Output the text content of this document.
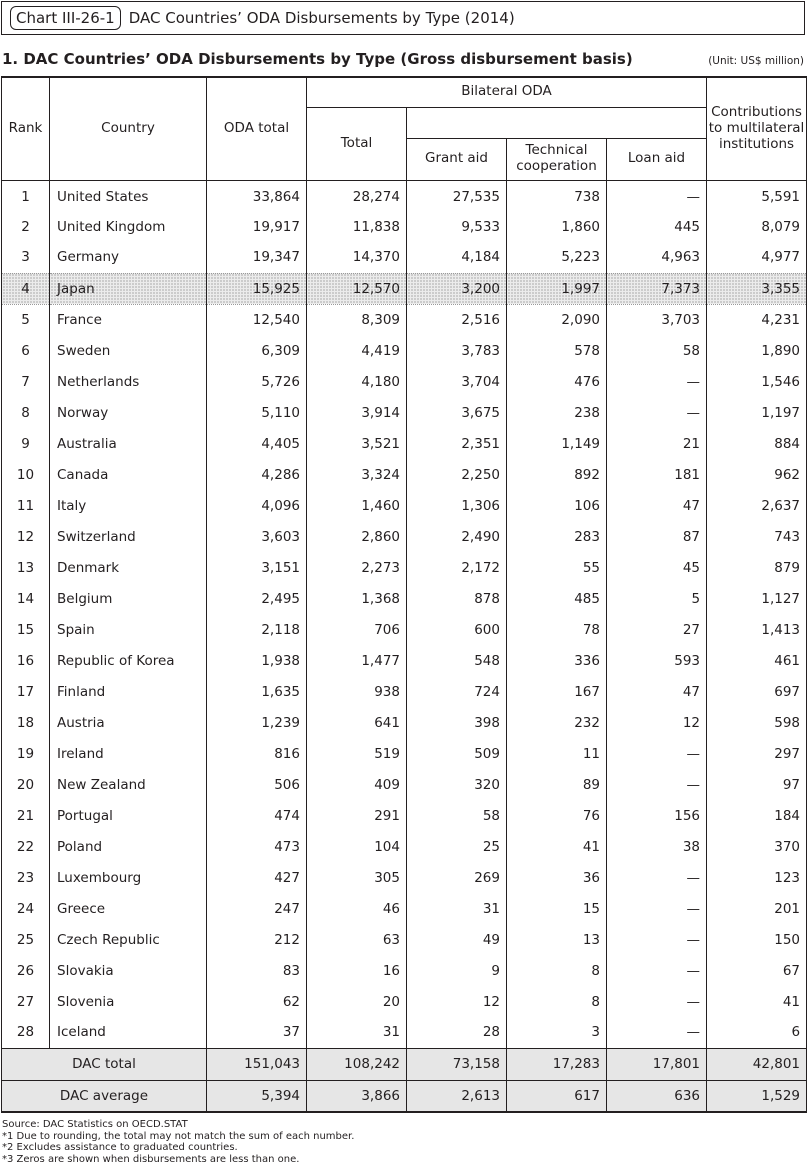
Chart III-26-1 DAC Countries’ ODA Disbursements by Type (2014)
1. DAC Countries’ ODA Disbursements by Type (Gross disbursement basis)	(Unit: US$ million)
Rank	Country	ODA total	Bilateral ODA				Contributions to multilateral institutions
			Total				
				Grant aid	Technical cooperation	Loan aid	
1	United States	33,864	28,274	27,535	738	—	5,591
2	United Kingdom	19,917	11,838	9,533	1,860	445	8,079
3	Germany	19,347	14,370	4,184	5,223	4,963	4,977
4	Japan	15,925	12,570	3,200	1,997	7,373	3,355
5	France	12,540	8,309	2,516	2,090	3,703	4,231
6	Sweden	6,309	4,419	3,783	578	58	1,890
7	Netherlands	5,726	4,180	3,704	476	—	1,546
8	Norway	5,110	3,914	3,675	238	—	1,197
9	Australia	4,405	3,521	2,351	1,149	21	884
10	Canada	4,286	3,324	2,250	892	181	962
11	Italy	4,096	1,460	1,306	106	47	2,637
12	Switzerland	3,603	2,860	2,490	283	87	743
13	Denmark	3,151	2,273	2,172	55	45	879
14	Belgium	2,495	1,368	878	485	5	1,127
15	Spain	2,118	706	600	78	27	1,413
16	Republic of Korea	1,938	1,477	548	336	593	461
17	Finland	1,635	938	724	167	47	697
18	Austria	1,239	641	398	232	12	598
19	Ireland	816	519	509	11	—	297
20	New Zealand	506	409	320	89	—	97
21	Portugal	474	291	58	76	156	184
22	Poland	473	104	25	41	38	370
23	Luxembourg	427	305	269	36	—	123
24	Greece	247	46	31	15	—	201
25	Czech Republic	212	63	49	13	—	150
26	Slovakia	83	16	9	8	—	67
27	Slovenia	62	20	12	8	—	41
28	Iceland	37	31	28	3	—	6
DAC total		151,043	108,242	73,158	17,283	17,801	42,801
DAC average		5,394	3,866	2,613	617	636	1,529
Source: DAC Statistics on OECD.STAT
*1 Due to rounding, the total may not match the sum of each number.
*2 Excludes assistance to graduated countries.
*3 Zeros are shown when disbursements are less than one.
